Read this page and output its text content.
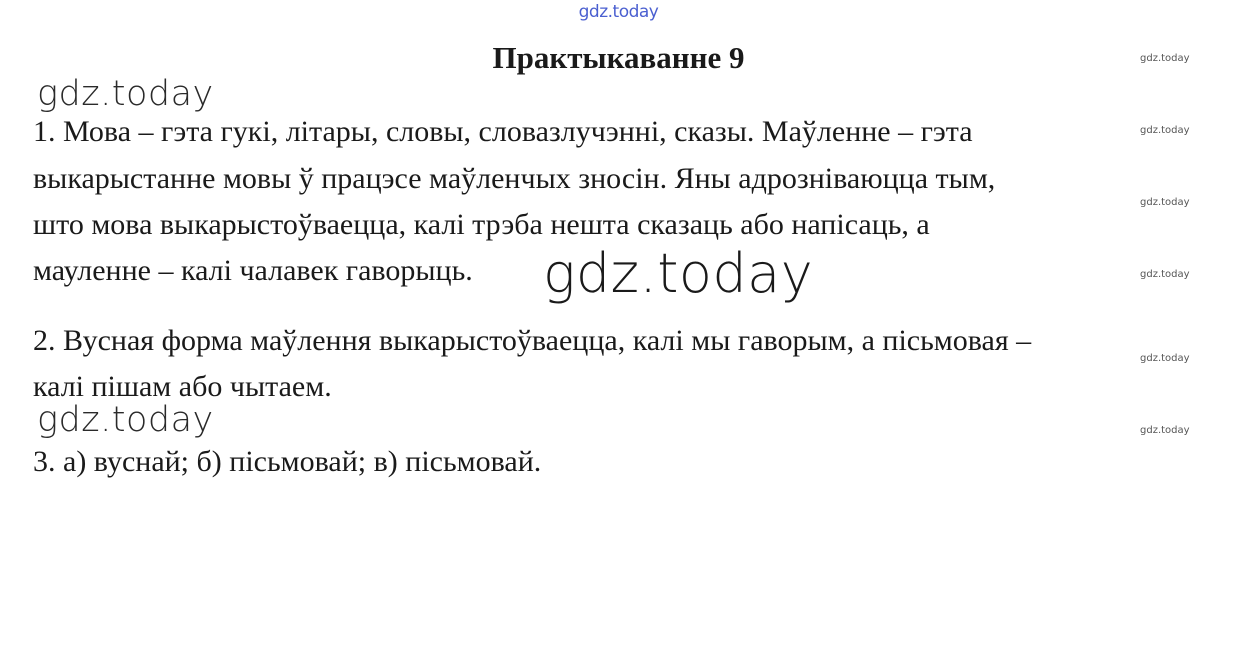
gdz.today
Практыкаванне 9	gdz.today
gdz.today
gdz.today
gdz.today
gdz.today
gdz.today
gdz.today
gdz.today
1. Мова – гэта гукі, літары, словы, словазлучэнні, сказы. Маўленне – гэта
выкарыстанне мовы ў працэсе маўленчых зносін. Яны адрозніваюцца тым,
што мова выкарыстоўваецца, калі трэба нешта сказаць або напісаць, а
мауленне – калі чалавек гаворыць. gdz.today
2. Вусная форма маўлення выкарыстоўваецца, калі мы гаворым, а пісьмовая –
калі пішам або чытаем.
3. а) вуснай; б) пісьмовай; в) пісьмовай.
